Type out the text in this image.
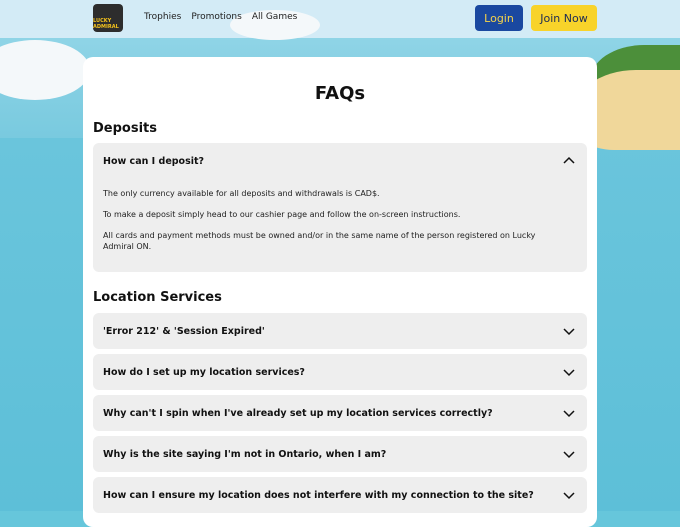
LUCKY ADMIRAL
Trophies Promotions All Games	Login	Join Now
FAQs
Deposits
How can I deposit?

The only currency available for all deposits and withdrawals is CAD$.

To make a deposit simply head to our cashier page and follow the on-screen instructions.

All cards and payment methods must be owned and/or in the same name of the person registered on Lucky Admiral ON.

Location Services
'Error 212' & 'Session Expired'
How do I set up my location services?
Why can't I spin when I've already set up my location services correctly?
Why is the site saying I'm not in Ontario, when I am?
How can I ensure my location does not interfere with my connection to the site?
